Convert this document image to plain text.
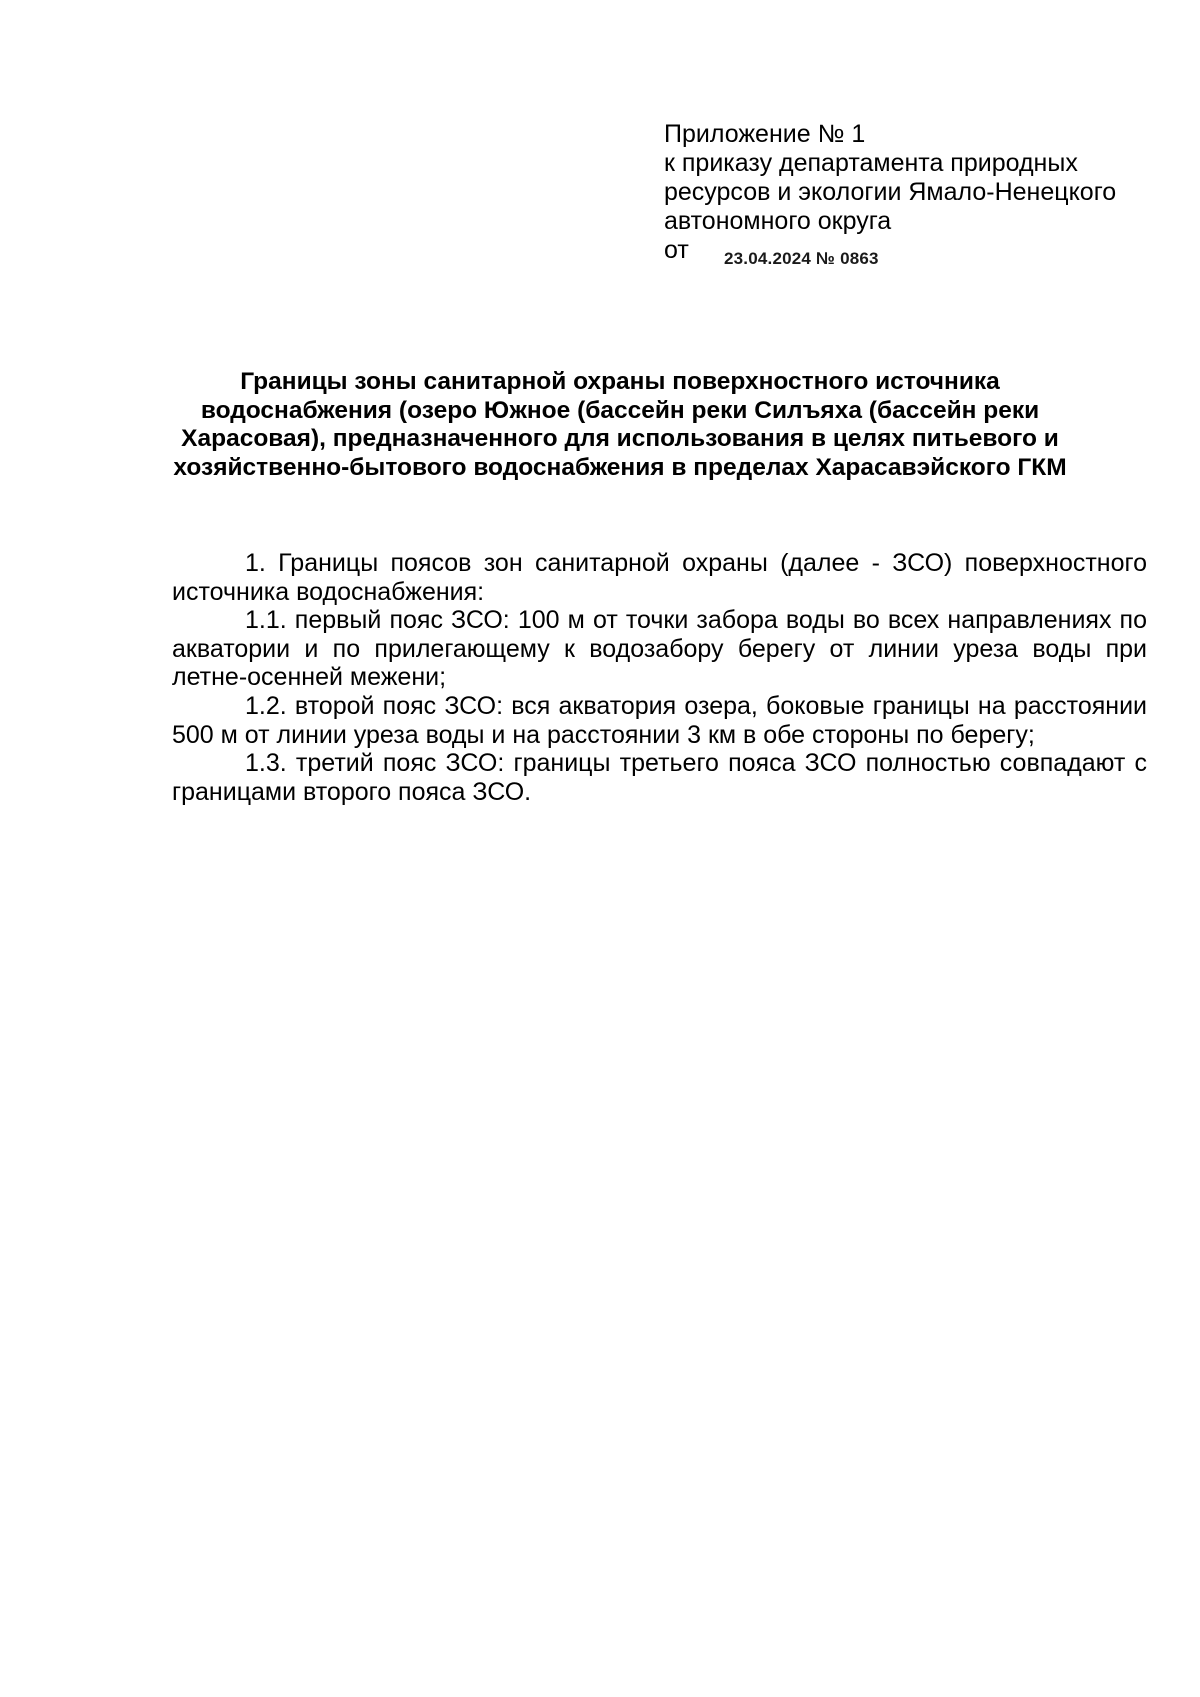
Приложение № 1
к приказу департамента природных
ресурсов и экологии Ямало-Ненецкого
автономного округа
от 23.04.2024 № 0863
Границы зоны санитарной охраны поверхностного источника
водоснабжения (озеро Южное (бассейн реки Силъяха (бассейн реки
Харасовая), предназначенного для использования в целях питьевого и
хозяйственно-бытового водоснабжения в пределах Харасавэйского ГКМ

1. Границы поясов зон санитарной охраны (далее - ЗСО) поверхностного источника водоснабжения:

1.1. первый пояс ЗСО: 100 м от точки забора воды во всех направлениях по акватории и по прилегающему к водозабору берегу от линии уреза воды при летне-осенней межени;

1.2. второй пояс ЗСО: вся акватория озера, боковые границы на расстоянии 500 м от линии уреза воды и на расстоянии 3 км в обе стороны по берегу;

1.3. третий пояс ЗСО: границы третьего пояса ЗСО полностью совпадают с границами второго пояса ЗСО.
